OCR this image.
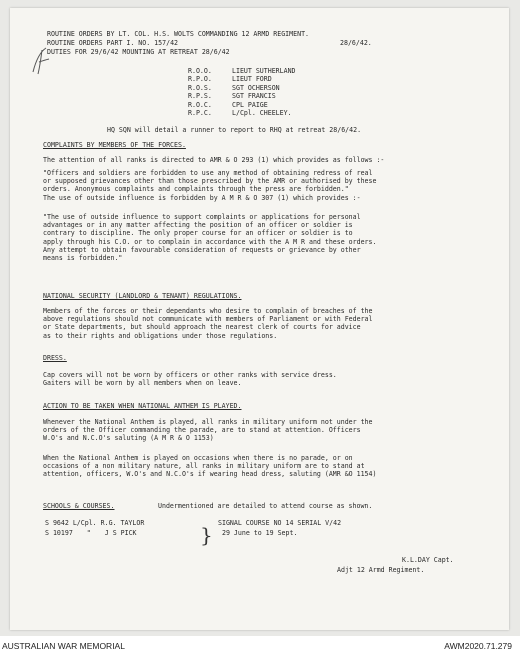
ROUTINE ORDERS BY LT. COL. H.S. WOLTS COMMANDING 12 ARMD REGIMENT.
ROUTINE ORDERS PART I. NO. 157/42	28/6/42.
DUTIES FOR 29/6/42 MOUNTING AT RETREAT 28/6/42
R.O.O.	LIEUT SUTHERLAND
R.P.O.	LIEUT FORD
R.O.S.	SGT OCHERSON
R.P.S.	SGT FRANCIS
R.O.C.	CPL PAIGE
R.P.C.	L/Cpl. CHEELEY.
HQ SQN will detail a runner to report to RHQ at retreat 28/6/42.
COMPLAINTS BY MEMBERS OF THE FORCES.
The attention of all ranks is directed to AMR & O 293 (1) which provides as follows :-
"Officers and soldiers are forbidden to use any method of obtaining redress of real
or supposed grievances other than those prescribed by the AMR or authorised by these
orders. Anonymous complaints and complaints through the press are forbidden."
The use of outside influence is forbidden by A M R & O 307 (1) which provides :-
"The use of outside influence to support complaints or applications for personal
advantages or in any matter affecting the position of an officer or soldier is
contrary to discipline. The only proper course for an officer or soldier is to
apply through his C.O. or to complain in accordance with the A M R and these orders.
Any attempt to obtain favourable consideration of requests or grievance by other
means is forbidden."
NATIONAL SECURITY (LANDLORD & TENANT) REGULATIONS.
Members of the forces or their dependants who desire to complain of breaches of the
above regulations should not communicate with members of Parliament or with Federal
or State departments, but should approach the nearest clerk of courts for advice
as to their rights and obligations under those regulations.
DRESS.
Cap covers will not be worn by officers or other ranks with service dress.
Gaiters will be worn by all members when on leave.
ACTION TO BE TAKEN WHEN NATIONAL ANTHEM IS PLAYED.
Whenever the National Anthem is played, all ranks in military uniform not under the
orders of the Officer commanding the parade, are to stand at attention. Officers
W.O's and N.C.O's saluting (A M R & O 1153)
When the National Anthem is played on occasions when there is no parade, or on
occasions of a non military nature, all ranks in military uniform are to stand at
attention, officers, W.O's and N.C.O's if wearing head dress, saluting (AMR &O 1154)
SCHOOLS & COURSES.	Undermentioned are detailed to attend course as shown.
S 9642 L/Cpl. R.G. TAYLOR
S 10197 " J S PICK	} SIGNAL COURSE NO 14 SERIAL V/42
29 June to 19 Sept.
K.L.DAY Capt.
Adjt 12 Armd Regiment.
AUSTRALIAN WAR MEMORIAL	AWM2020.71.279
